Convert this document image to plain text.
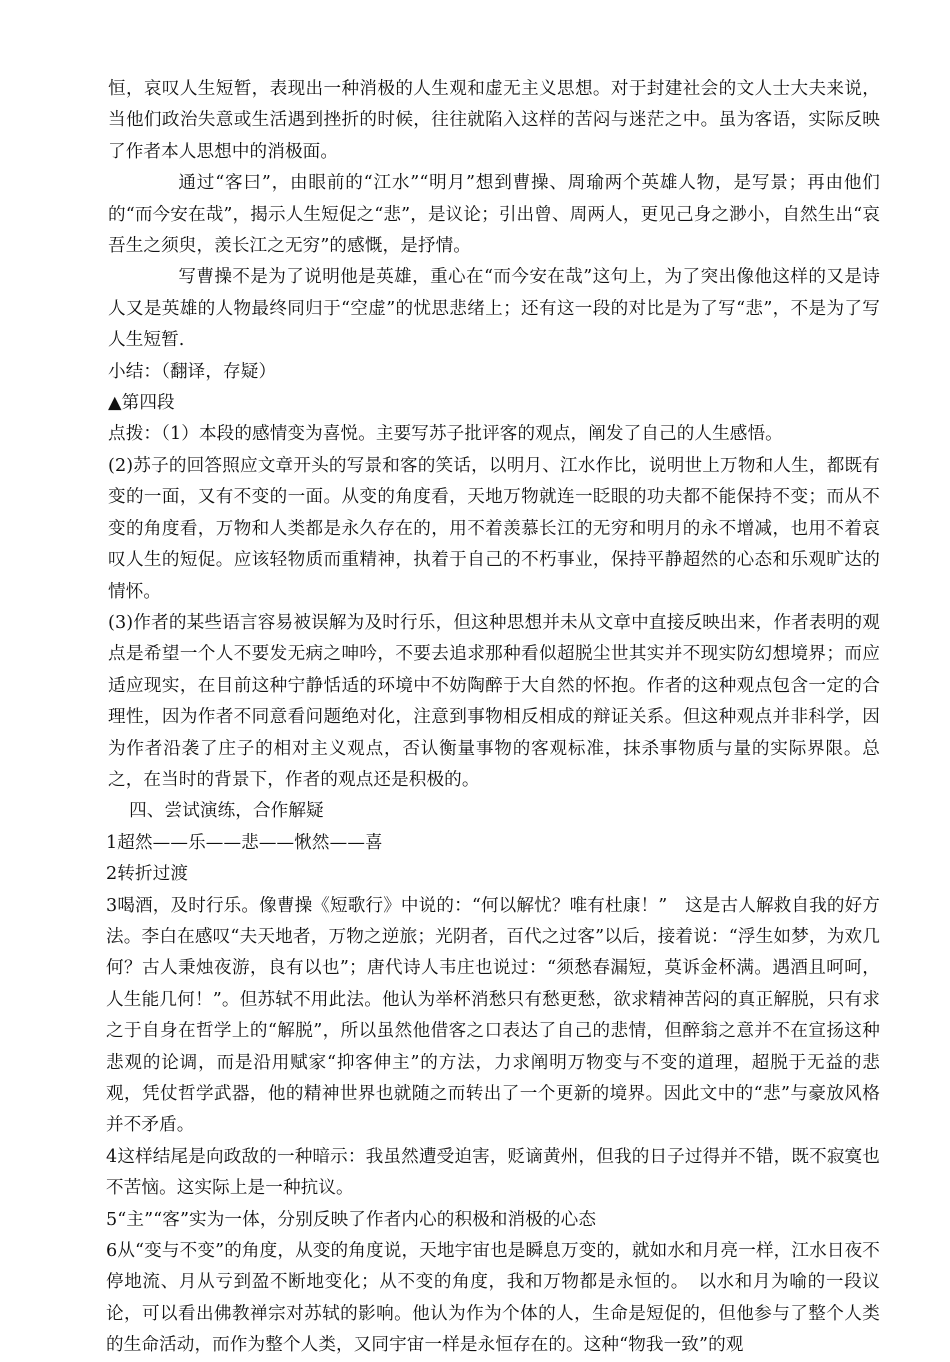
恒，哀叹人生短暂，表现出一种消极的人生观和虚无主义思想。对于封建社会的文人士大夫来说，当他们政治失意或生活遇到挫折的时候，往往就陷入这样的苦闷与迷茫之中。虽为客语，实际反映了作者本人思想中的消极面。

通过“客曰”，由眼前的“江水”“明月”想到曹操、周瑜两个英雄人物，是写景；再由他们的“而今安在哉”，揭示人生短促之“悲”，是议论；引出曾、周两人，更见己身之渺小，自然生出“哀吾生之须臾，羡长江之无穷”的感慨，是抒情。

写曹操不是为了说明他是英雄，重心在“而今安在哉”这句上，为了突出像他这样的又是诗人又是英雄的人物最终同归于“空虚”的忧思悲绪上；还有这一段的对比是为了写“悲”，不是为了写人生短暂.

小结：（翻译，存疑）

▲第四段

点拨：（1）本段的感情变为喜悦。主要写苏子批评客的观点，阐发了自己的人生感悟。

(2)苏子的回答照应文章开头的写景和客的笑话，以明月、江水作比，说明世上万物和人生，都既有变的一面，又有不变的一面。从变的角度看，天地万物就连一眨眼的功夫都不能保持不变；而从不变的角度看，万物和人类都是永久存在的，用不着羡慕长江的无穷和明月的永不增减，也用不着哀叹人生的短促。应该轻物质而重精神，执着于自己的不朽事业，保持平静超然的心态和乐观旷达的情怀。

(3)作者的某些语言容易被误解为及时行乐，但这种思想并未从文章中直接反映出来，作者表明的观点是希望一个人不要发无病之呻吟，不要去追求那种看似超脱尘世其实并不现实防幻想境界；而应适应现实，在目前这种宁静恬适的环境中不妨陶醉于大自然的怀抱。作者的这种观点包含一定的合理性，因为作者不同意看问题绝对化，注意到事物相反相成的辩证关系。但这种观点并非科学，因为作者沿袭了庄子的相对主义观点，否认衡量事物的客观标准，抹杀事物质与量的实际界限。总之，在当时的背景下，作者的观点还是积极的。

四、尝试演练，合作解疑

1超然——乐——悲——愀然——喜

2转折过渡

3喝酒，及时行乐。像曹操《短歌行》中说的：“何以解忧？唯有杜康！”　这是古人解救自我的好方法。李白在感叹“夫天地者，万物之逆旅；光阴者，百代之过客”以后，接着说：“浮生如梦，为欢几何？古人秉烛夜游，良有以也”；唐代诗人韦庄也说过：“须愁春漏短，莫诉金杯满。遇酒且呵呵，人生能几何！”。但苏轼不用此法。他认为举杯消愁只有愁更愁，欲求精神苦闷的真正解脱，只有求之于自身在哲学上的“解脱”，所以虽然他借客之口表达了自己的悲情，但醉翁之意并不在宣扬这种悲观的论调，而是沿用赋家“抑客伸主”的方法，力求阐明万物变与不变的道理，超脱于无益的悲观，凭仗哲学武器，他的精神世界也就随之而转出了一个更新的境界。因此文中的“悲”与豪放风格并不矛盾。

4这样结尾是向政敌的一种暗示：我虽然遭受迫害，贬谪黄州，但我的日子过得并不错，既不寂寞也不苦恼。这实际上是一种抗议。

5“主”“客”实为一体，分别反映了作者内心的积极和消极的心态

6从“变与不变”的角度，从变的角度说，天地宇宙也是瞬息万变的，就如水和月亮一样，江水日夜不停地流、月从亏到盈不断地变化；从不变的角度，我和万物都是永恒的。　以水和月为喻的一段议论，可以看出佛教禅宗对苏轼的影响。他认为作为个体的人，生命是短促的，但他参与了整个人类的生命活动，而作为整个人类，又同宇宙一样是永恒存在的。这种“物我一致”的观
